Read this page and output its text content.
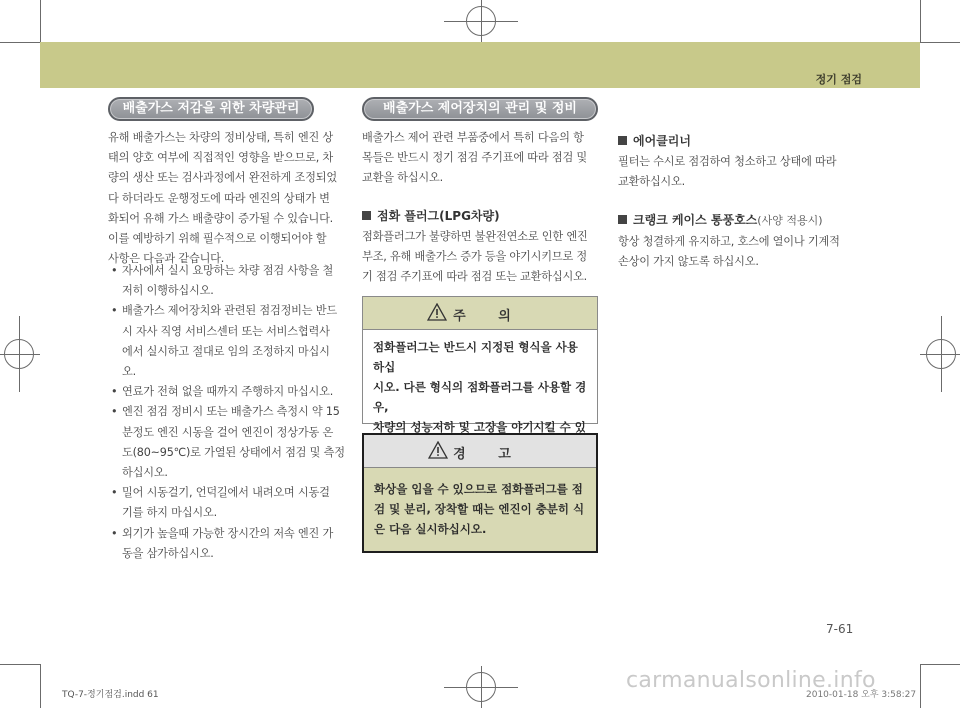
정기 점검
배출가스 저감을 위한 차량관리

유해 배출가스는 차량의 정비상태, 특히 엔진 상

태의 양호 여부에 직접적인 영향을 받으므로, 차

량의 생산 또는 검사과정에서 완전하게 조정되었

다 하더라도 운행정도에 따라 엔진의 상태가 변

화되어 유해 가스 배출량이 증가될 수 있습니다.

이를 예방하기 위해 필수적으로 이행되어야 할

사항은 다음과 같습니다.

• 자사에서 실시 요망하는 차량 점검 사항을 철

저히 이행하십시오.

• 배출가스 제어장치와 관련된 점검정비는 반드

시 자사 직영 서비스센터 또는 서비스협력사

에서 실시하고 절대로 임의 조정하지 마십시

오.

• 연료가 전혀 없을 때까지 주행하지 마십시오.

• 엔진 점검 정비시 또는 배출가스 측정시 약 15

분정도 엔진 시동을 걸어 엔진이 정상가동 온

도(80~95℃)로 가열된 상태에서 점검 및 측정

하십시오.

• 밀어 시동걸기, 언덕길에서 내려오며 시동걸

기를 하지 마십시오.

• 외기가 높을때 가능한 장시간의 저속 엔진 가

동을 삼가하십시오.

배출가스 제어장치의 관리 및 정비

배출가스 제어 관련 부품중에서 특히 다음의 항

목들은 반드시 정기 점검 주기표에 따라 점검 및

교환을 하십시오.

점화 플러그(LPG차량)

점화플러그가 불량하면 불완전연소로 인한 엔진

부조, 유해 배출가스 증가 등을 야기시키므로 정

기 점검 주기표에 따라 점검 또는 교환하십시오.

주 의
점화플러그는 반드시 지정된 형식을 사용하십
시오. 다른 형식의 점화플러그를 사용할 경우,
차량의 성능저하 및 고장을 야기시킬 수 있
경 고
화상을 입을 수 있으므로 점화플러그를 점
검 및 분리, 장착할 때는 엔진이 충분히 식
은 다음 실시하십시오.
에어클리너

필터는 수시로 점검하여 청소하고 상태에 따라

교환하십시오.

크랭크 케이스 통풍호스(사양 적용시)

항상 청결하게 유지하고, 호스에 열이나 기계적

손상이 가지 않도록 하십시오.

7-61
TQ-7-정기점검.indd 61
carmanualsonline.info
2010-01-18 오후 3:58:27
